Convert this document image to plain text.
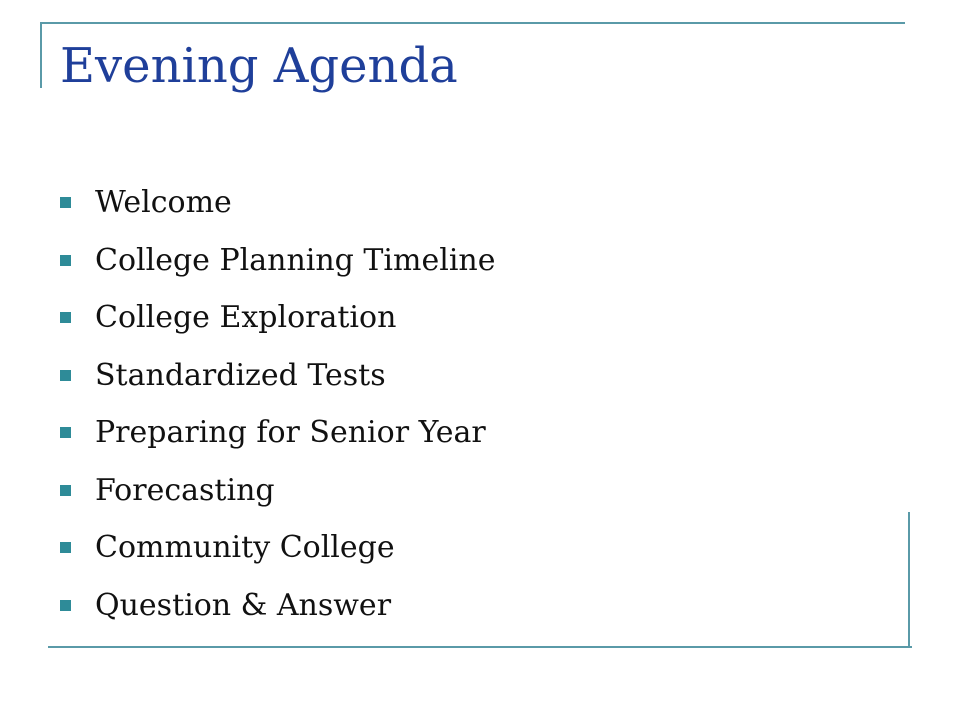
Evening Agenda
Welcome
College Planning Timeline
College Exploration
Standardized Tests
Preparing for Senior Year
Forecasting
Community College
Question & Answer
